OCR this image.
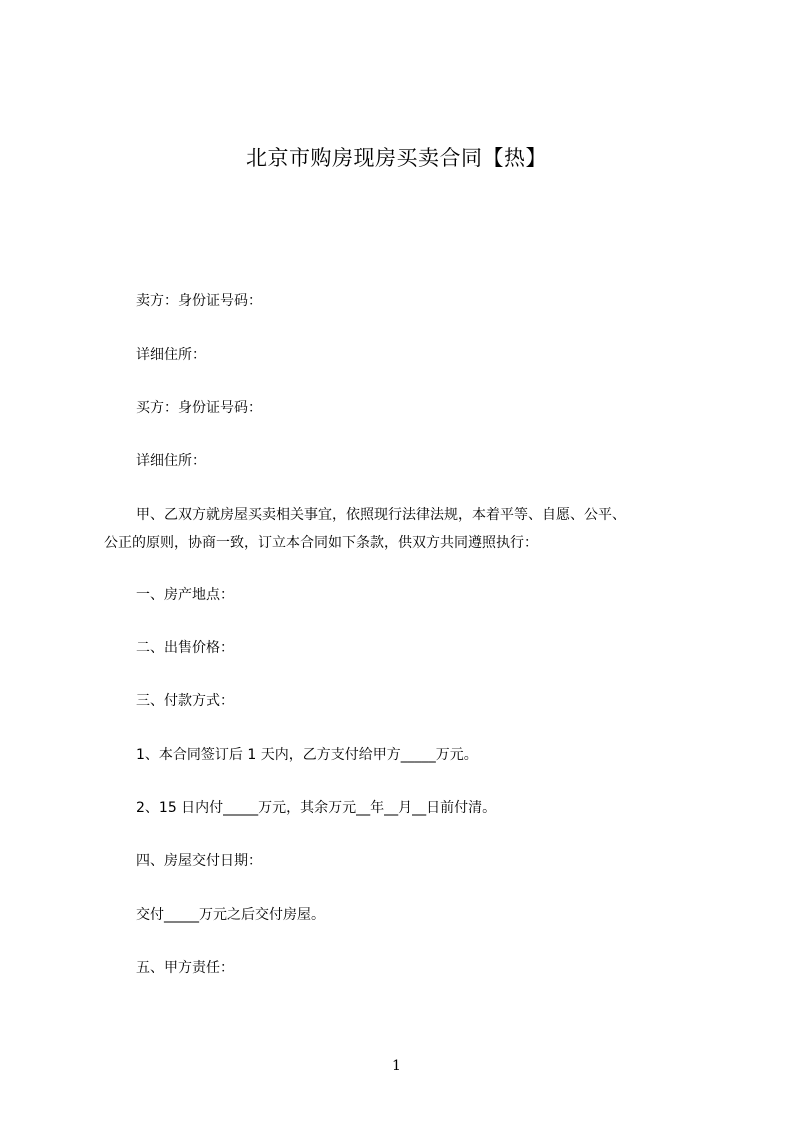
北京市购房现房买卖合同【热】
卖方：身份证号码：
详细住所：
买方：身份证号码：
详细住所：
甲、乙双方就房屋买卖相关事宜，依照现行法律法规，本着平等、自愿、公平、
公正的原则，协商一致，订立本合同如下条款，供双方共同遵照执行：
一、房产地点：
二、出售价格：
三、付款方式：
1、本合同签订后 1 天内，乙方支付给甲方_____万元。
2、15 日内付_____万元，其余万元__年__月__日前付清。
四、房屋交付日期：
交付_____万元之后交付房屋。
五、甲方责任：
1
